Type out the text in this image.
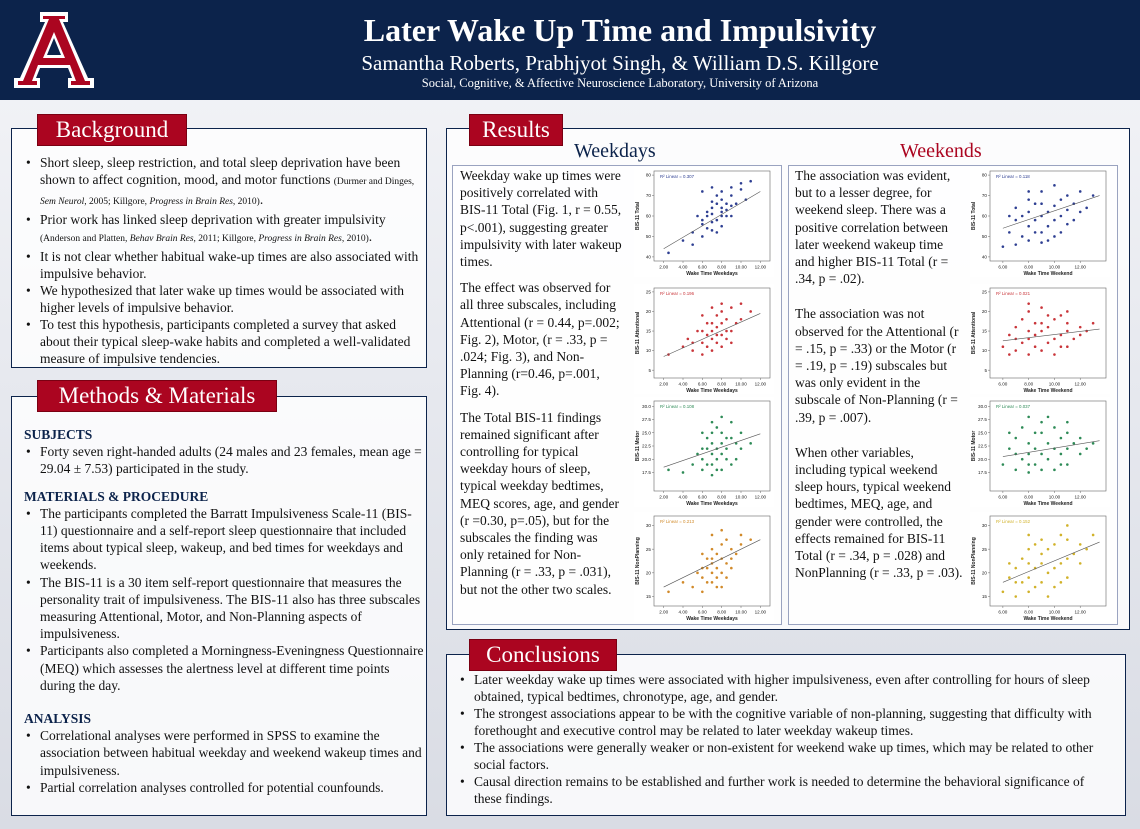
Later Wake Up Time and Impulsivity
Samantha Roberts, Prabhjyot Singh, & William D.S. Killgore
Social, Cognitive, & Affective Neuroscience Laboratory, University of Arizona
Background
• Short sleep, sleep restriction, and total sleep deprivation have been shown to affect cognition, mood, and motor functions (Durmer and Dinges, Sem Neurol, 2005; Killgore, Progress in Brain Res, 2010).
• Prior work has linked sleep deprivation with greater impulsivity (Anderson and Platten, Behav Brain Res, 2011; Killgore, Progress in Brain Res, 2010).
• It is not clear whether habitual wake-up times are also associated with impulsive behavior.
• We hypothesized that later wake up times would be associated with higher levels of impulsive behavior.
• To test this hypothesis, participants completed a survey that asked about their typical sleep-wake habits and completed a well-validated measure of impulsive tendencies.
Methods & Materials
SUBJECTS
• Forty seven right-handed adults (24 males and 23 females, mean age = 29.04 ± 7.53) participated in the study.
MATERIALS & PROCEDURE
• The participants completed the Barratt Impulsiveness Scale-11 (BIS-11) questionnaire and a self-report sleep questionnaire that included items about typical sleep, wakeup, and bed times for weekdays and weekends.
• The BIS-11 is a 30 item self-report questionnaire that measures the personality trait of impulsiveness. The BIS-11 also has three subscales measuring Attentional, Motor, and Non-Planning aspects of impulsiveness.
• Participants also completed a Morningness-Eveningness Questionnaire (MEQ) which assesses the alertness level at different time points during the day.
ANALYSIS
• Correlational analyses were performed in SPSS to examine the association between habitual weekday and weekend wakeup times and impulsiveness.
• Partial correlation analyses controlled for potential counfounds.
Results
Weekdays	Weekends

Weekday wake up times were positively correlated with BIS-11 Total (Fig. 1, r = 0.55, p<.001), suggesting greater impulsivity with later wakeup times.

The effect was observed for all three subscales, including Attentional (r = 0.44, p=.002; Fig. 2), Motor, (r = .33, p = .024; Fig. 3), and Non-Planning (r=0.46, p=.001, Fig. 4).

The Total BIS-11 findings remained significant after controlling for typical weekday hours of sleep, typical weekday bedtimes, MEQ scores, age, and gender (r =0.30, p=.05), but for the subscales the finding was only retained for Non-Planning (r = .33, p = .031), but not the other two scales.

The association was evident, but to a lesser degree, for weekend sleep. There was a positive correlation between later weekend wakeup time and higher BIS-11 Total (r = .34, p = .02).

The association was not observed for the Attentional (r = .15, p = .33) or the Motor (r = .19, p = .19) subscales but was only evident in the subscale of Non-Planning (r = .39, p = .007).

When other variables, including typical weekend sleep hours, typical weekend bedtimes, MEQ, age, and gender were controlled, the effects remained for BIS-11 Total (r = .34, p = .028) and NonPlanning (r = .33, p = .03).

2.00 4.00 6.00 8.00 10.00 12.00
40
50
60
70
80
Wake Time Weekdays
BIS-11 Total
R² Linear = 0.307
2.00 4.00 6.00 8.00 10.00 12.00
5
10
15
20
25
Wake Time Weekdays
BIS-11 Attentional
R² Linear = 0.196
2.00 4.00 6.00 8.00 10.00 12.00
17.5
20.0
22.5
25.0
27.5
30.0
Wake Time Weekdays
BIS-11 Motor
R² Linear = 0.108
2.00 4.00 6.00 8.00 10.00 12.00
15
20
25
30
Wake Time Weekdays
BIS-11 NonPlanning
R² Linear = 0.213
6.00	8.00	10.00	12.00
40
50
60
70
80
Wake Time Weekend
BIS-11 Total
R² Linear = 0.118
6.00	8.00	10.00	12.00
5
10
15
20
25
Wake Time Weekend
BIS-11 Attentional
R² Linear = 0.021
6.00	8.00	10.00	12.00
17.5
20.0
22.5
25.0
27.5
30.0
Wake Time Weekend
BIS-11 Motor
R² Linear = 0.037
6.00	8.00	10.00	12.00
15
20
25
30
Wake Time Weekend
BIS-11 NonPlanning
R² Linear = 0.152
Conclusions
• Later weekday wake up times were associated with higher impulsiveness, even after controlling for hours of sleep obtained, typical bedtimes, chronotype, age, and gender.
• The strongest associations appear to be with the cognitive variable of non-planning, suggesting that difficulty with forethought and executive control may be related to later weekday wakeup times.
• The associations were generally weaker or non-existent for weekend wake up times, which may be related to other social factors.
• Causal direction remains to be established and further work is needed to determine the behavioral significance of these findings.
